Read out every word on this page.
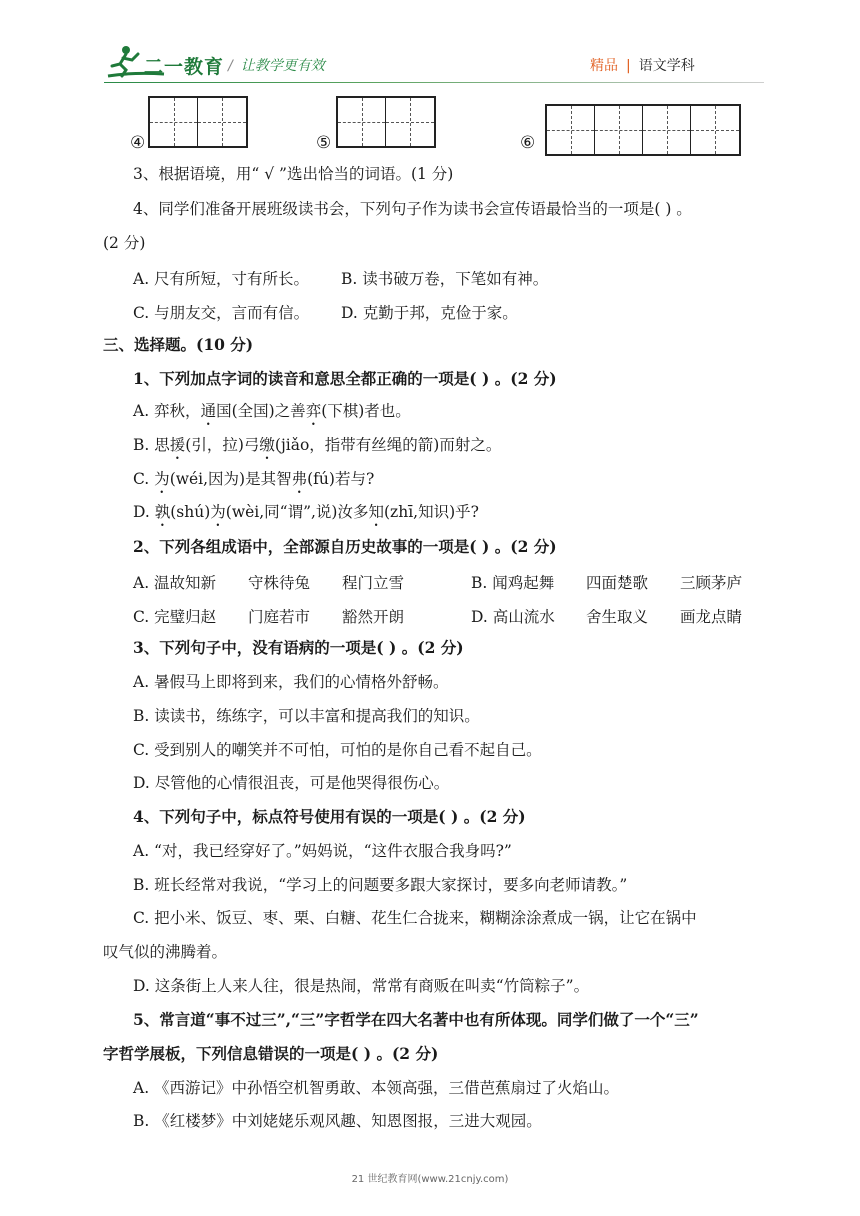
二一教育 / 让教学更有效	精品 | 语文学科
④	⑤	⑥
3、根据语境，用“ √ ”选出恰当的词语。(1 分)
4、同学们准备开展班级读书会，下列句子作为读书会宣传语最恰当的一项是( ) 。
(2 分)
A. 尺有所短，寸有所长。 B. 读书破万卷，下笔如有神。
C. 与朋友交，言而有信。 D. 克勤于邦，克俭于家。
三、选择题。(10 分)
1、下列加点字词的读音和意思全都正确的一项是( ) 。(2 分)
A. 弈秋，通国(全国)之善弈(下棋)者也。
B. 思援(引，拉)弓缴(jiǎo，指带有丝绳的箭)而射之。
C. 为(wéi,因为)是其智弗(fú)若与?
D. 孰(shú)为(wèi,同“谓”,说)汝多知(zhī,知识)乎?
2、下列各组成语中，全部源自历史故事的一项是( ) 。(2 分)
A. 温故知新 守株待兔 程门立雪	B. 闻鸡起舞 四面楚歌 三顾茅庐
C. 完璧归赵 门庭若市 豁然开朗	D. 高山流水 舍生取义 画龙点睛
3、下列句子中，没有语病的一项是( ) 。(2 分)
A. 暑假马上即将到来，我们的心情格外舒畅。
B. 读读书，练练字，可以丰富和提高我们的知识。
C. 受到别人的嘲笑并不可怕，可怕的是你自己看不起自己。
D. 尽管他的心情很沮丧，可是他哭得很伤心。
4、下列句子中，标点符号使用有误的一项是( ) 。(2 分)
A. “对，我已经穿好了。”妈妈说，“这件衣服合我身吗?”
B. 班长经常对我说，“学习上的问题要多跟大家探讨，要多向老师请教。”
C. 把小米、饭豆、枣、栗、白糖、花生仁合拢来，糊糊涂涂煮成一锅，让它在锅中
叹气似的沸腾着。
D. 这条街上人来人往，很是热闹，常常有商贩在叫卖“竹筒粽子”。
5、常言道“事不过三”,“三”字哲学在四大名著中也有所体现。同学们做了一个“三”
字哲学展板，下列信息错误的一项是( ) 。(2 分)
A. 《西游记》中孙悟空机智勇敢、本领高强，三借芭蕉扇过了火焰山。
B. 《红楼梦》中刘姥姥乐观风趣、知恩图报，三进大观园。
21 世纪教育网(www.21cnjy.com)
